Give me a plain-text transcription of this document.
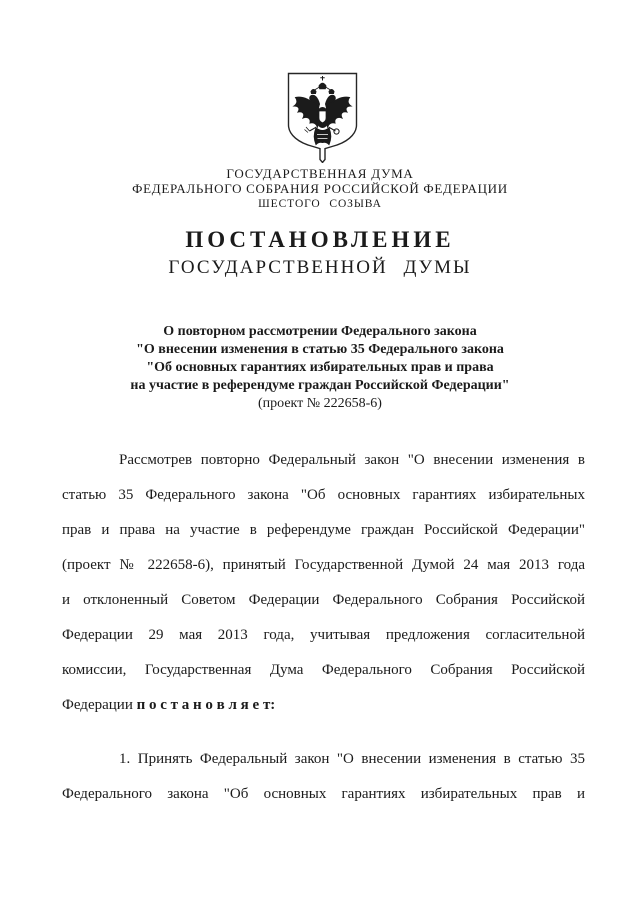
ГОСУДАРСТВЕННАЯ ДУМА
ФЕДЕРАЛЬНОГО СОБРАНИЯ РОССИЙСКОЙ ФЕДЕРАЦИИ
ШЕСТОГО СОЗЫВА
ПОСТАНОВЛЕНИЕ
ГОСУДАРСТВЕННОЙ ДУМЫ
О повторном рассмотрении Федерального закона
"О внесении изменения в статью 35 Федерального закона
"Об основных гарантиях избирательных прав и права
на участие в референдуме граждан Российской Федерации"
(проект № 222658-6)
Рассмотрев повторно Федеральный закон "О внесении изменения в
статью 35 Федерального закона "Об основных гарантиях избирательных
прав и права на участие в референдуме граждан Российской Федерации"
(проект № 222658-6), принятый Государственной Думой 24 мая 2013 года
и отклоненный Советом Федерации Федерального Собрания Российской
Федерации 29 мая 2013 года, учитывая предложения согласительной
комиссии, Государственная Дума Федерального Собрания Российской
Федерации п о с т а н о в л я е т:
1. Принять Федеральный закон "О внесении изменения в статью 35
Федерального закона "Об основных гарантиях избирательных прав и
